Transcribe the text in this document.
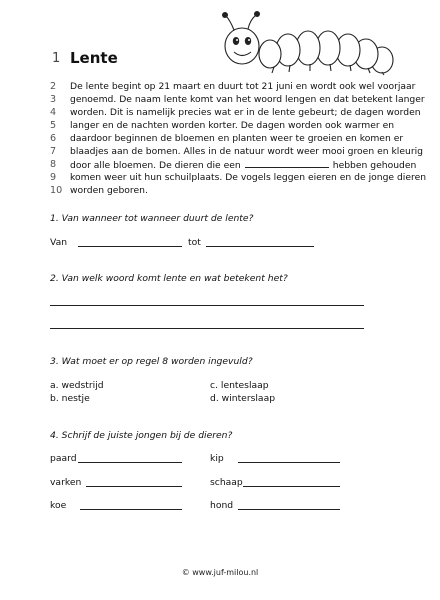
1 Lente
2	De lente begint op 21 maart en duurt tot 21 juni en wordt ook wel voorjaar
3	genoemd. De naam lente komt van het woord lengen en dat betekent langer
4	worden. Dit is namelijk precies wat er in de lente gebeurt; de dagen worden
5	langer en de nachten worden korter. De dagen worden ook warmer en
6	daardoor beginnen de bloemen en planten weer te groeien en komen er
7	blaadjes aan de bomen. Alles in de natuur wordt weer mooi groen en kleurig
8	door alle bloemen. De dieren die een	hebben gehouden
9	komen weer uit hun schuilplaats. De vogels leggen eieren en de jonge dieren
10 worden geboren.
1. Van wanneer tot wanneer duurt de lente?
Van	tot
2. Van welk woord komt lente en wat betekent het?
3. Wat moet er op regel 8 worden ingevuld?
a. wedstrijd	c. lenteslaap
b. nestje	d. winterslaap
4. Schrijf de juiste jongen bij de dieren?
paard	kip
varken	schaap
koe	hond
© www.juf-milou.nl
